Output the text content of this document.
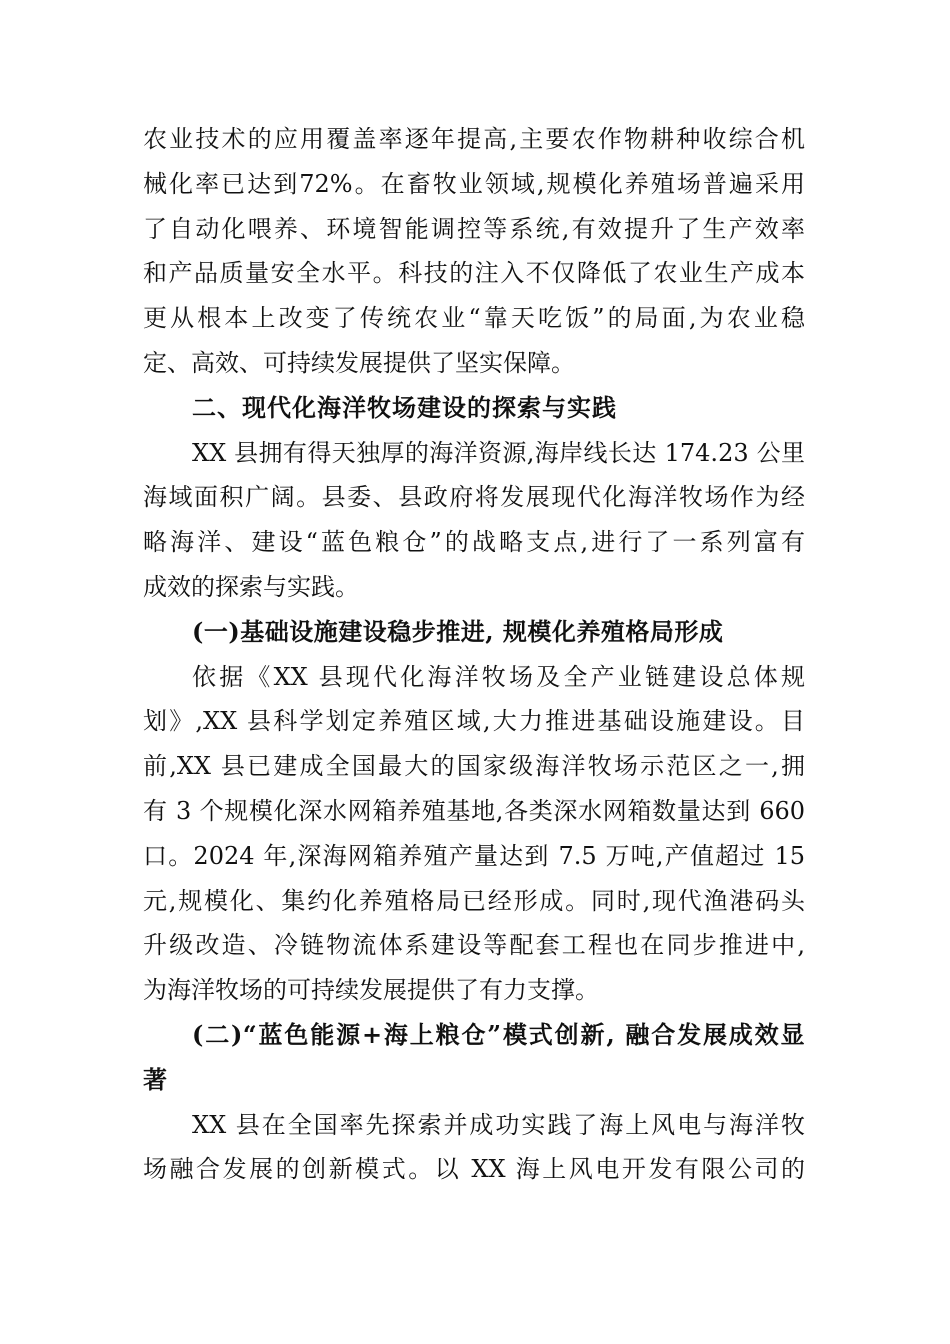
农业技术的应用覆盖率逐年提高,主要农作物耕种收综合机
械化率已达到72%。在畜牧业领域,规模化养殖场普遍采用
了自动化喂养、环境智能调控等系统,有效提升了生产效率
和产品质量安全水平。科技的注入不仅降低了农业生产成本
更从根本上改变了传统农业“靠天吃饭”的局面,为农业稳
定、高效、可持续发展提供了坚实保障。
二、现代化海洋牧场建设的探索与实践
XX 县拥有得天独厚的海洋资源,海岸线长达 174.23 公里
海域面积广阔。县委、县政府将发展现代化海洋牧场作为经
略海洋、建设“蓝色粮仓”的战略支点,进行了一系列富有
成效的探索与实践。
(一)基础设施建设稳步推进, 规模化养殖格局形成
依据《XX 县现代化海洋牧场及全产业链建设总体规
划》,XX 县科学划定养殖区域,大力推进基础设施建设。目
前,XX 县已建成全国最大的国家级海洋牧场示范区之一,拥
有 3 个规模化深水网箱养殖基地,各类深水网箱数量达到 660
口。2024 年,深海网箱养殖产量达到 7.5 万吨,产值超过 15
元,规模化、集约化养殖格局已经形成。同时,现代渔港码头
升级改造、冷链物流体系建设等配套工程也在同步推进中,
为海洋牧场的可持续发展提供了有力支撑。
(二)“蓝色能源+海上粮仓”模式创新, 融合发展成效显
著
XX 县在全国率先探索并成功实践了海上风电与海洋牧
场融合发展的创新模式。以 XX 海上风电开发有限公司的
